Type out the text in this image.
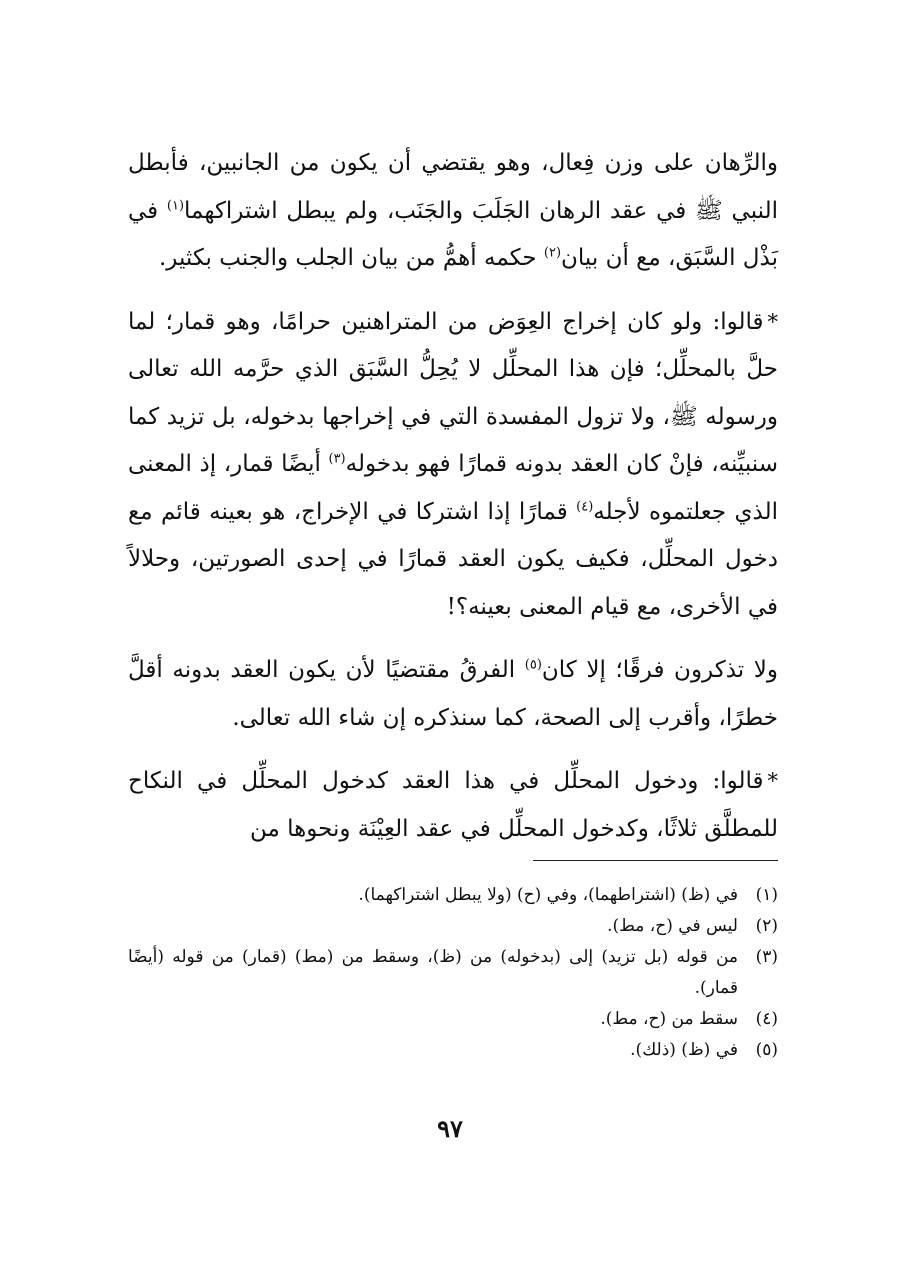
والرِّهان على وزن فِعال، وهو يقتضي أن يكون من الجانبين، فأبطل النبي ﷺ في عقد الرهان الجَلَبَ والجَنَب، ولم يبطل اشتراكهما$^{(١)}$ في بَذْل السَّبَق، مع أن بيان$^{(٢)}$ حكمه أهمُّ من بيان الجلب والجنب بكثير.

*قالوا: ولو كان إخراج العِوَض من المتراهنين حرامًا، وهو قمار؛ لما حلَّ بالمحلِّل؛ فإن هذا المحلِّل لا يُحِلُّ السَّبَق الذي حرَّمه الله تعالى ورسوله ﷺ، ولا تزول المفسدة التي في إخراجها بدخوله، بل تزيد كما سنبيِّنه، فإنْ كان العقد بدونه قمارًا فهو بدخوله$^{(٣)}$ أيضًا قمار، إذ المعنى الذي جعلتموه لأجله$^{(٤)}$ قمارًا إذا اشتركا في الإخراج، هو بعينه قائم مع دخول المحلِّل، فكيف يكون العقد قمارًا في إحدى الصورتين، وحلالاً في الأخرى، مع قيام المعنى بعينه؟!

ولا تذكرون فرقًا؛ إلا كان$^{(٥)}$ الفرقُ مقتضيًا لأن يكون العقد بدونه أقلَّ خطرًا، وأقرب إلى الصحة، كما سنذكره إن شاء الله تعالى.

*قالوا: ودخول المحلِّل في هذا العقد كدخول المحلِّل في النكاح للمطلَّق ثلاثًا، وكدخول المحلِّل في عقد العِيْنَة ونحوها من

(١)
في (ظ) (اشتراطهما)، وفي (ح) (ولا يبطل اشتراكهما).
(٢)
ليس في (ح، مط).
(٣)
من قوله (بل تزيد) إلى (بدخوله) من (ظ)، وسقط من (مط) (قمار) من قوله (أيضًا قمار).
(٤)
سقط من (ح، مط).
(٥)
في (ظ) (ذلك).
٩٧
